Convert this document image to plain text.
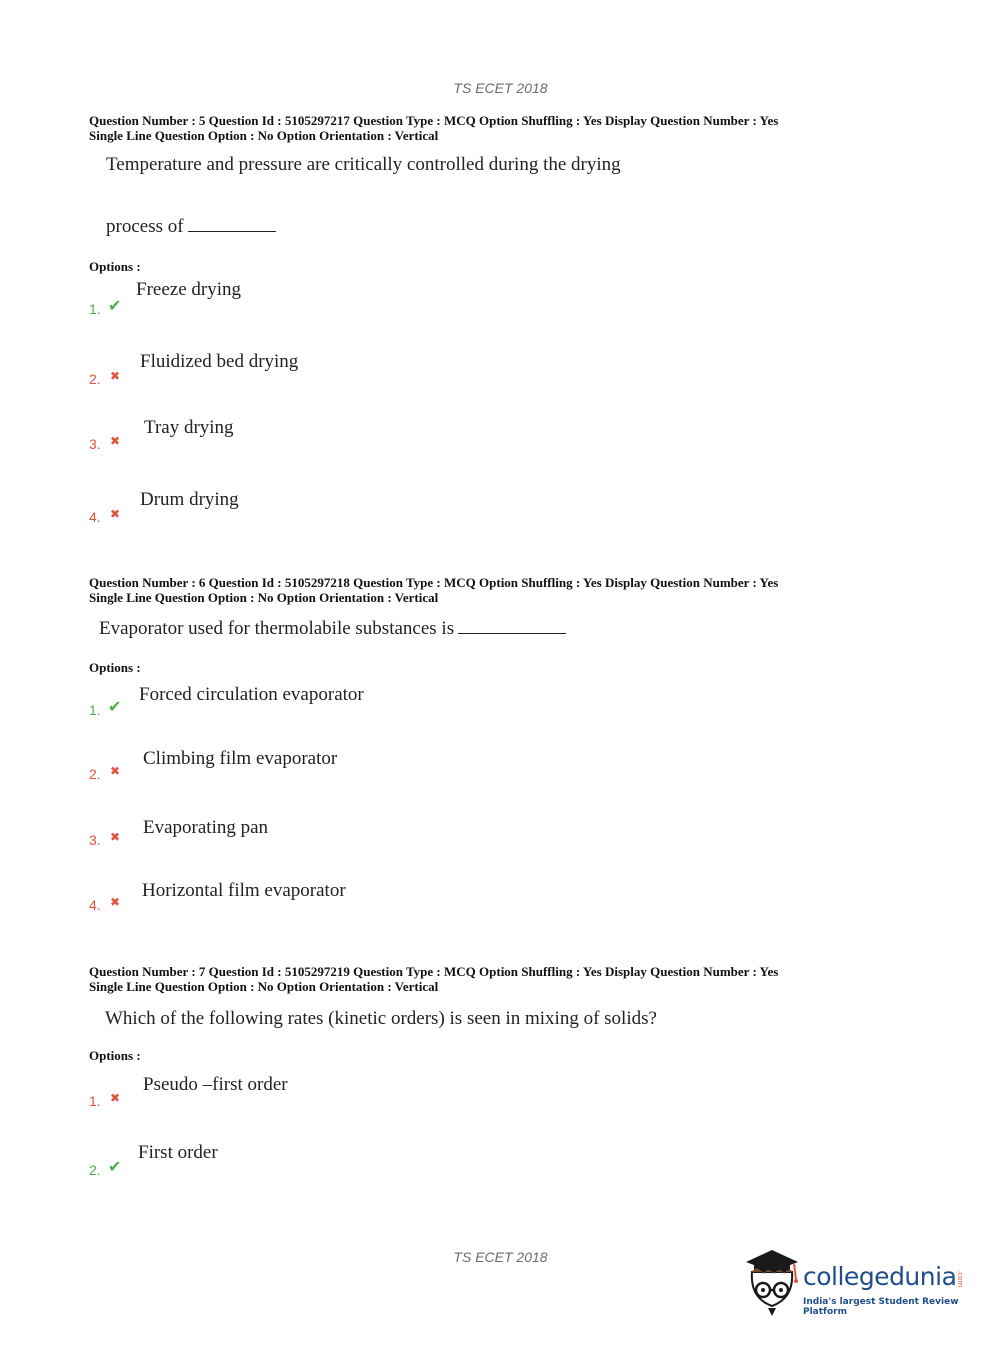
TS ECET 2018
Question Number : 5 Question Id : 5105297217 Question Type : MCQ Option Shuffling : Yes Display Question Number : Yes
Single Line Question Option : No Option Orientation : Vertical
Temperature and pressure are critically controlled during the drying
process of
Options :
1. ✔
Freeze drying
2. ✖
Fluidized bed drying
3. ✖
Tray drying
4. ✖
Drum drying
Question Number : 6 Question Id : 5105297218 Question Type : MCQ Option Shuffling : Yes Display Question Number : Yes
Single Line Question Option : No Option Orientation : Vertical
Evaporator used for thermolabile substances is
Options :
1. ✔
Forced circulation evaporator
2. ✖
Climbing film evaporator
3. ✖ Evaporating pan
4. ✖
Horizontal film evaporator
Question Number : 7 Question Id : 5105297219 Question Type : MCQ Option Shuffling : Yes Display Question Number : Yes
Single Line Question Option : No Option Orientation : Vertical
Which of the following rates (kinetic orders) is seen in mixing of solids?
Options :
1. ✖
Pseudo –first order
2. ✔
First order
TS ECET 2018
collegedunia .com
India's largest Student Review Platform
